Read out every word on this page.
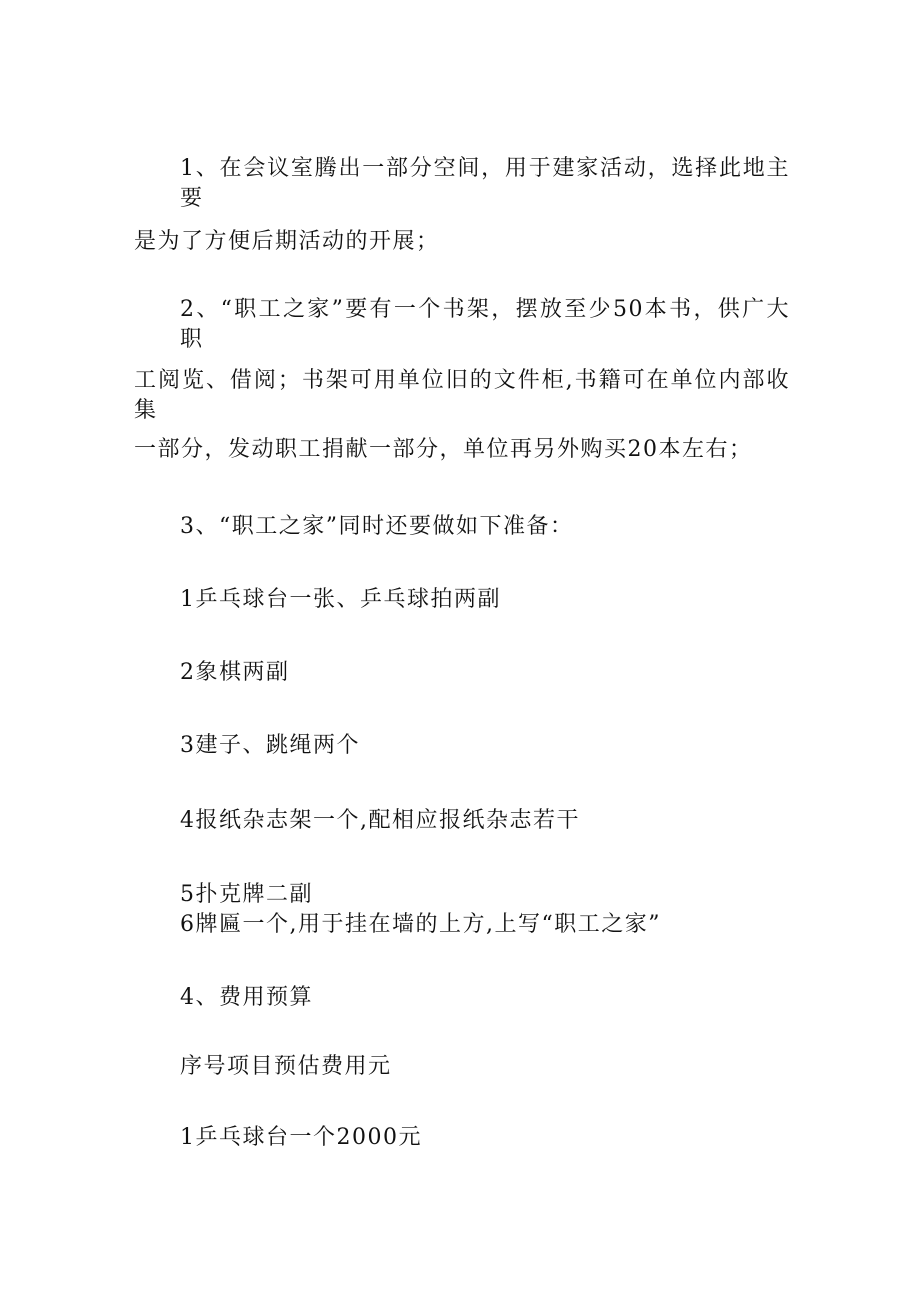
1、在会议室腾出一部分空间，用于建家活动，选择此地主要

是为了方便后期活动的开展；

2、“职工之家”要有一个书架，摆放至少50本书，供广大职

工阅览、借阅；书架可用单位旧的文件柜,书籍可在单位内部收集

一部分，发动职工捐献一部分，单位再另外购买20本左右；

3、“职工之家”同时还要做如下准备：

1乒乓球台一张、乒乓球拍两副

2象棋两副

3建子、跳绳两个

4报纸杂志架一个,配相应报纸杂志若干

5扑克牌二副

6牌匾一个,用于挂在墙的上方,上写“职工之家”

4、费用预算

序号项目预估费用元

1乒乓球台一个2000元
